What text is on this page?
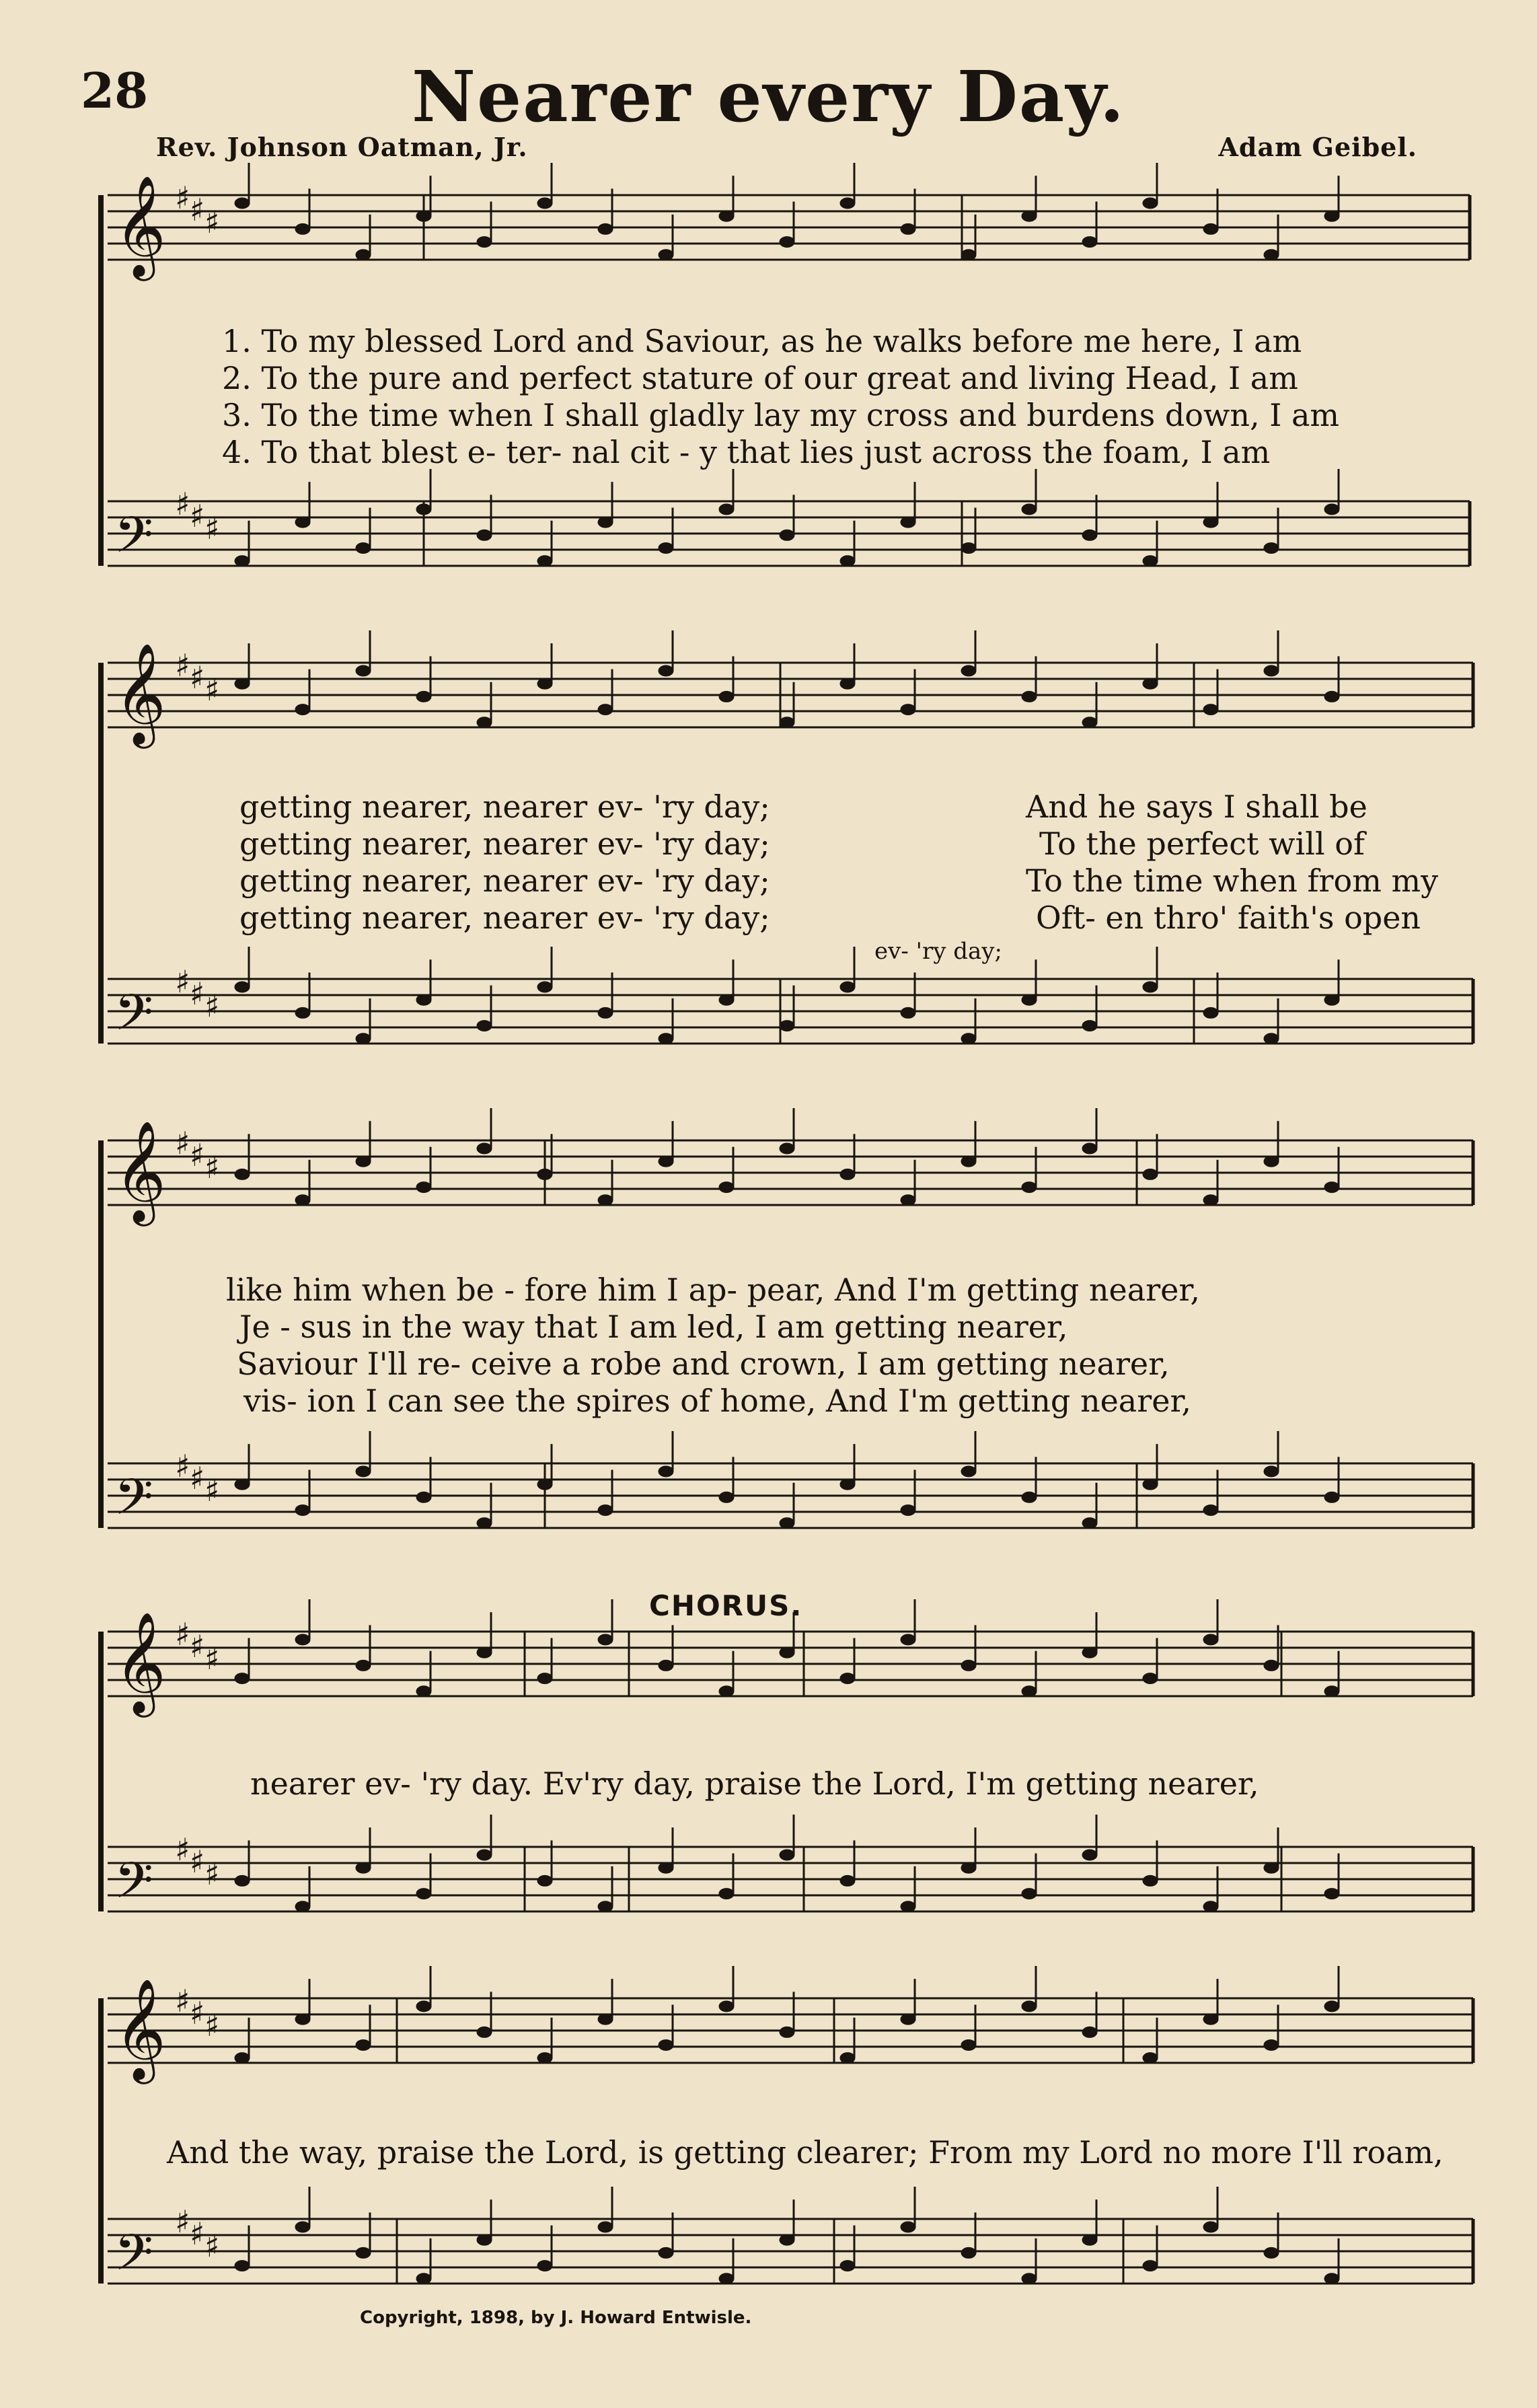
28	Nearer every Day.
Rev. Johnson Oatman, Jr.	Adam Geibel.
𝄞 ♯ ♯ ♯
𝄢
♯ ♯ ♯
𝄞 ♯ ♯ ♯
𝄢
♯ ♯ ♯
𝄞 ♯ ♯ ♯
𝄢
♯ ♯ ♯
𝄞 ♯ ♯ ♯
𝄢
♯ ♯ ♯
𝄞 ♯ ♯ ♯
𝄢
♯ ♯ ♯
1. To my blessed Lord and Saviour, as he walks before me here, I am
2. To the pure and perfect stature of our great and living Head, I am
3. To the time when I shall gladly lay my cross and burdens down, I am
4. To that blest e- ter- nal cit - y that lies just across the foam, I am
getting nearer, nearer ev- 'ry day;
getting nearer, nearer ev- 'ry day;
getting nearer, nearer ev- 'ry day;
getting nearer, nearer ev- 'ry day;
And he says I shall be
To the perfect will of
To the time when from my
Oft- en thro' faith's open
ev- 'ry day;
like him when be - fore him I ap- pear, And I'm getting nearer,
Je - sus in the way that I am led, I am getting nearer,
Saviour I'll re- ceive a robe and crown, I am getting nearer,
vis- ion I can see the spires of home, And I'm getting nearer,
CHORUS.
nearer ev- 'ry day. Ev'ry day, praise the Lord, I'm getting nearer,
And the way, praise the Lord, is getting clearer; From my Lord no more I'll roam,
Copyright, 1898, by J. Howard Entwisle.
